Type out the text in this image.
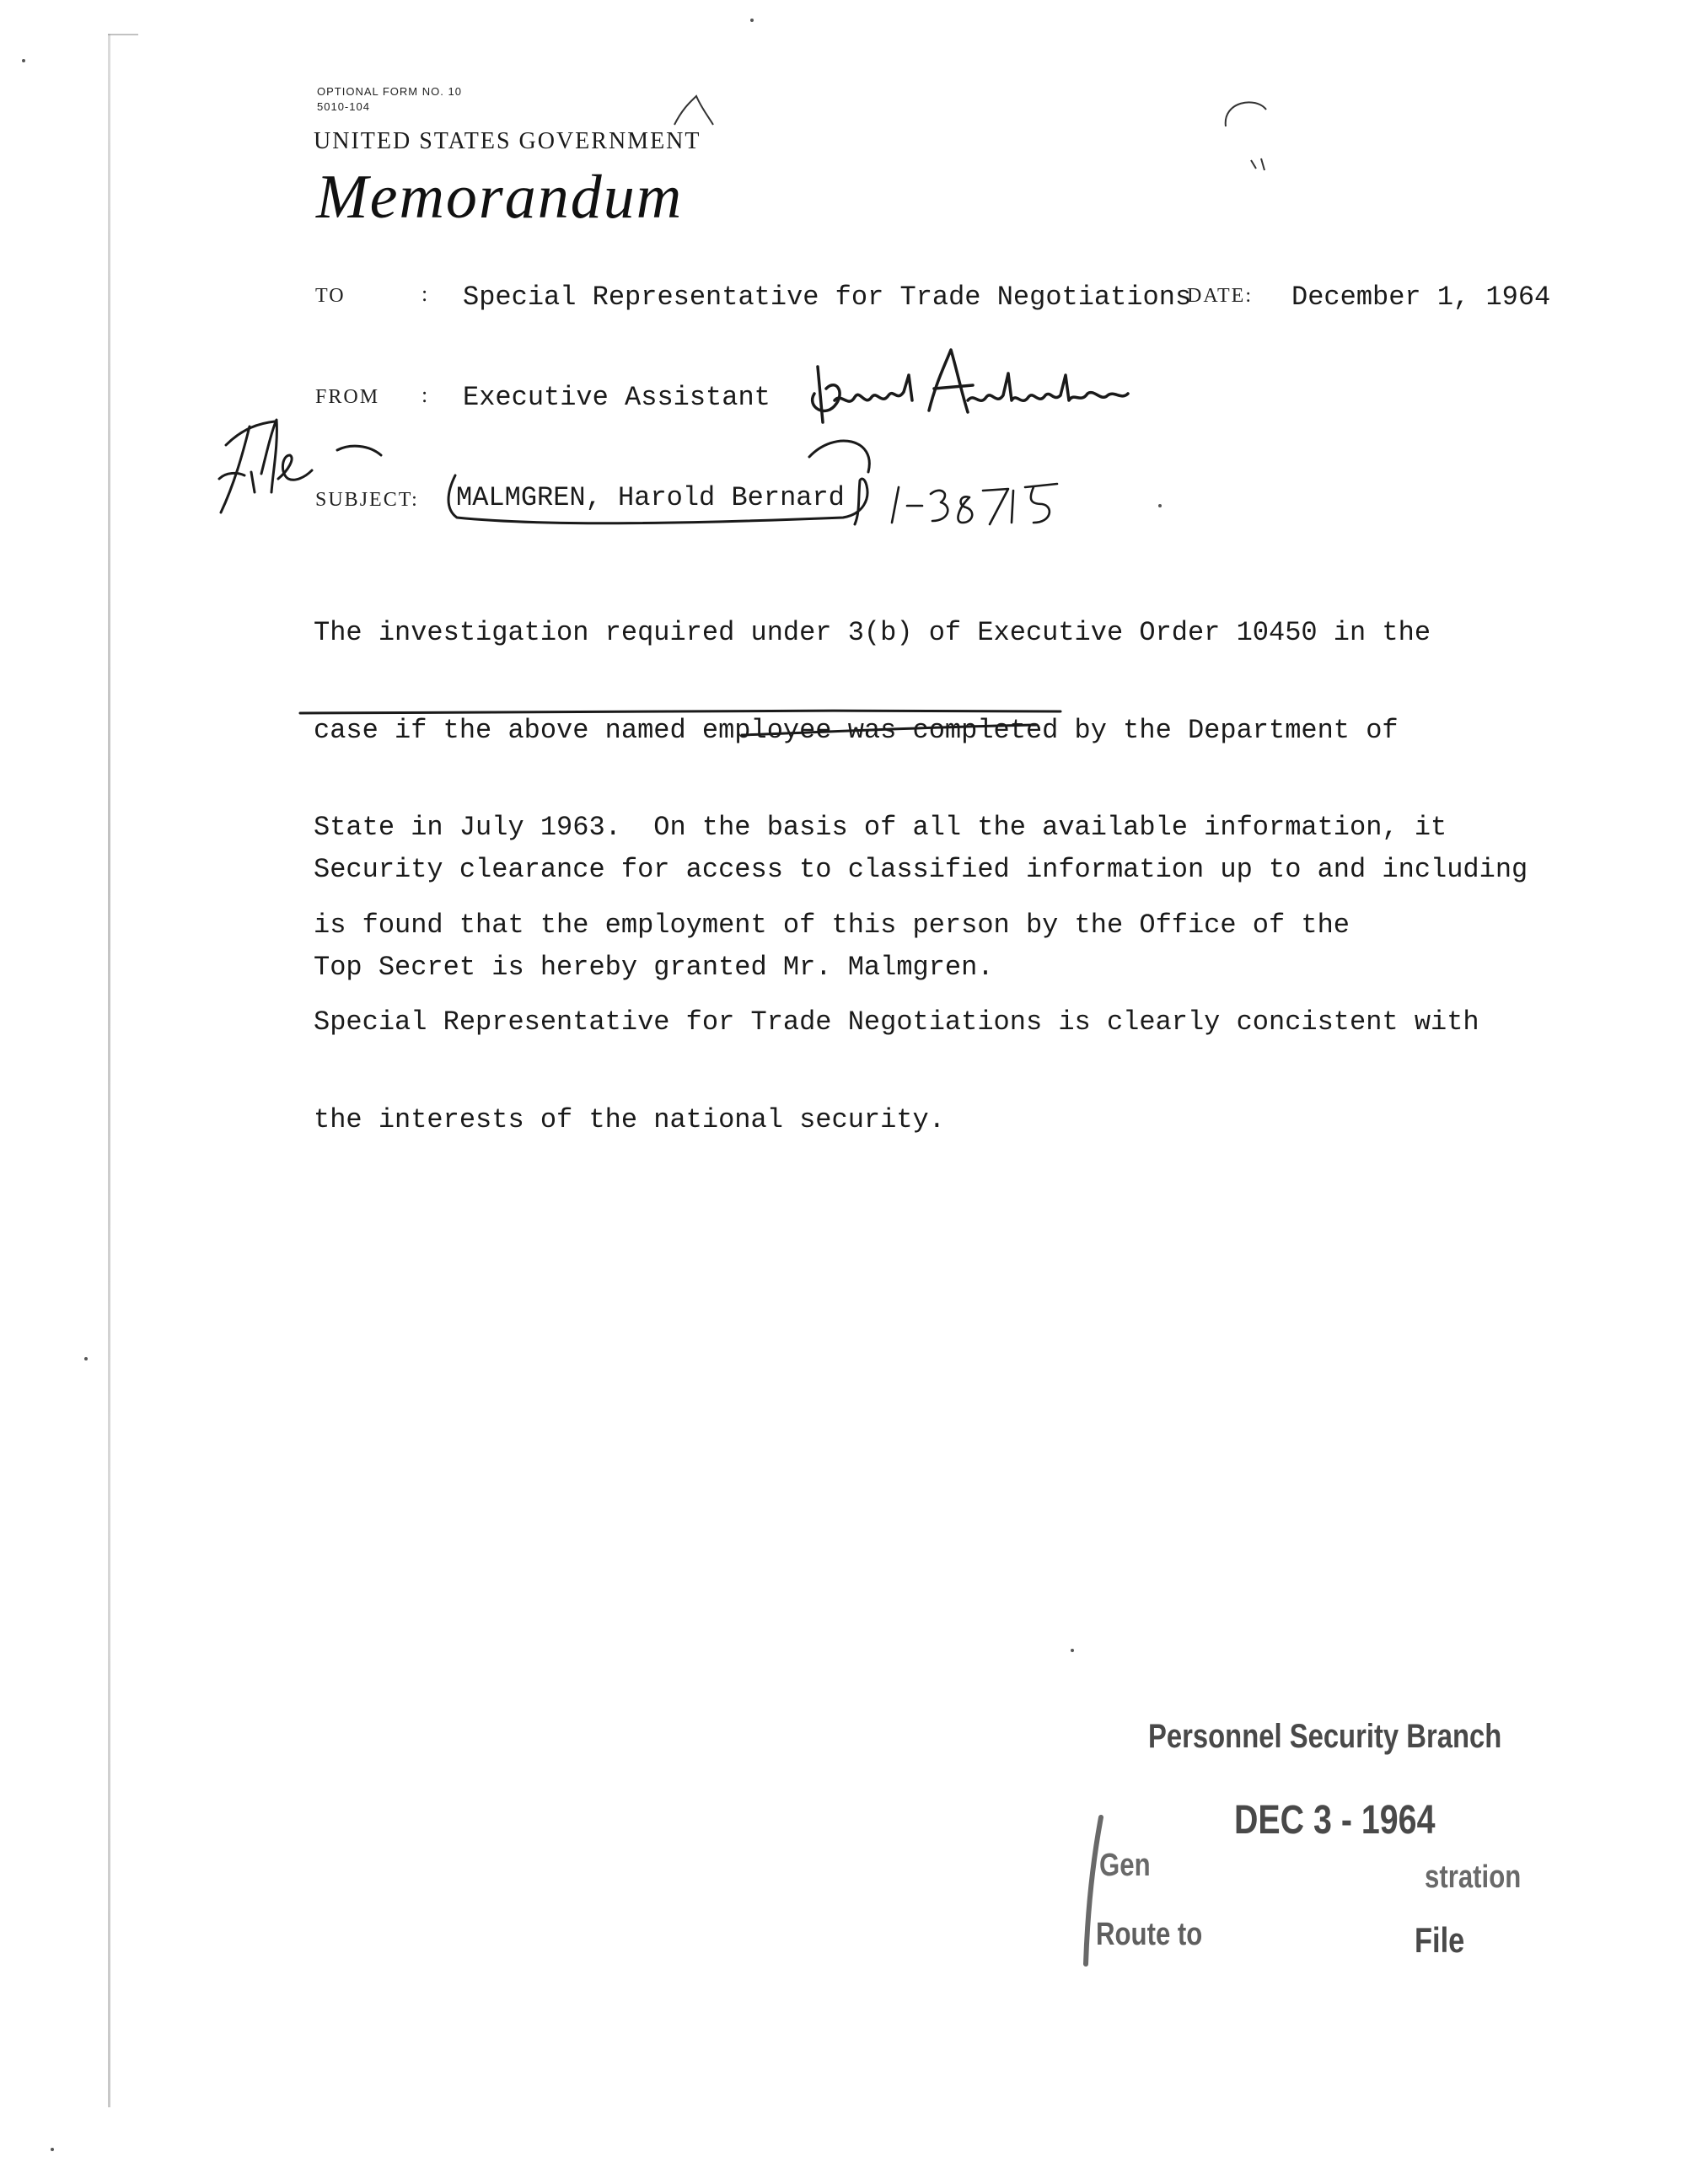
OPTIONAL FORM NO. 10
5010-104
UNITED STATES GOVERNMENT
Memorandum
TO	: Special Representative for Trade Negotiations
DATE: December 1, 1964
FROM : Executive Assistant
SUBJECT: MALMGREN, Harold Bernard
Kenneth Auchincloss
File
1-38715

The investigation required under 3(b) of Executive Order 10450 in the

case if the above named employee was completed by the Department of

State in July 1963.  On the basis of all the available information, it

is found that the employment of this person by the Office of the

Special Representative for Trade Negotiations is clearly concistent with

the interests of the national security.

Security clearance for access to classified information up to and including

Top Secret is hereby granted Mr. Malmgren.

Personnel Security Branch
DEC 3 - 1964
Gen	stration
Route to	File
